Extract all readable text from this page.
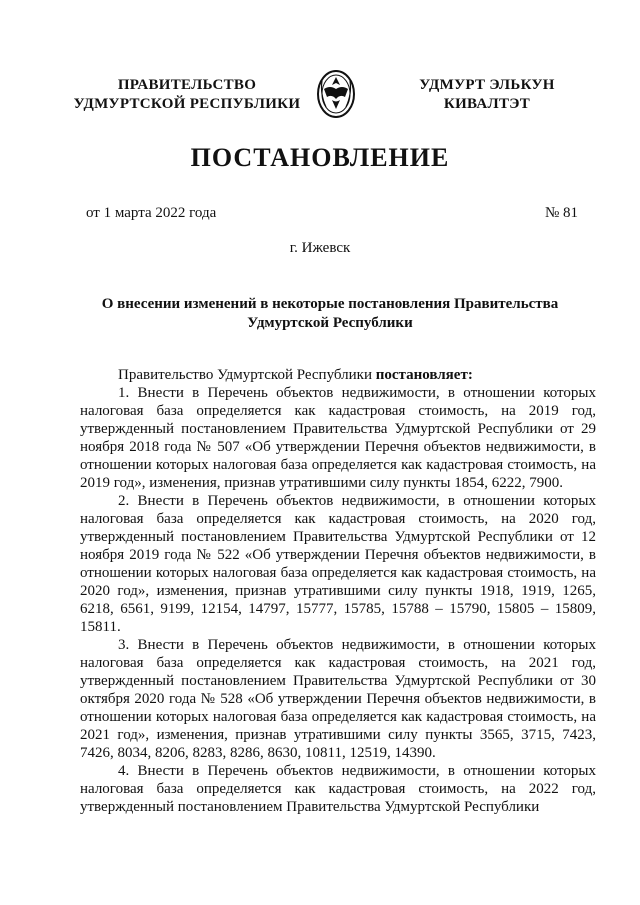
ПРАВИТЕЛЬСТВО
УДМУРТСКОЙ РЕСПУБЛИКИ
УДМУРТ ЭЛЬКУН
КИВАЛТЭТ
ПОСТАНОВЛЕНИЕ
от 1 марта 2022 года	№ 81
г. Ижевск
О внесении изменений в некоторые постановления Правительства Удмуртской Республики

Правительство Удмуртской Республики постановляет:

1. Внести в Перечень объектов недвижимости, в отношении которых налоговая база определяется как кадастровая стоимость, на 2019 год, утвержденный постановлением Правительства Удмуртской Республики от 29 ноября 2018 года № 507 «Об утверждении Перечня объектов недвижимости, в отношении которых налоговая база определяется как кадастровая стоимость, на 2019 год», изменения, признав утратившими силу пункты 1854, 6222, 7900.

2. Внести в Перечень объектов недвижимости, в отношении которых налоговая база определяется как кадастровая стоимость, на 2020 год, утвержденный постановлением Правительства Удмуртской Республики от 12 ноября 2019 года № 522 «Об утверждении Перечня объектов недвижимости, в отношении которых налоговая база определяется как кадастровая стоимость, на 2020 год», изменения, признав утратившими силу пункты 1918, 1919, 1265, 6218, 6561, 9199, 12154, 14797, 15777, 15785, 15788 – 15790, 15805 – 15809, 15811.

3. Внести в Перечень объектов недвижимости, в отношении которых налоговая база определяется как кадастровая стоимость, на 2021 год, утвержденный постановлением Правительства Удмуртской Республики от 30 октября 2020 года № 528 «Об утверждении Перечня объектов недвижимости, в отношении которых налоговая база определяется как кадастровая стоимость, на 2021 год», изменения, признав утратившими силу пункты 3565, 3715, 7423, 7426, 8034, 8206, 8283, 8286, 8630, 10811, 12519, 14390.

4. Внести в Перечень объектов недвижимости, в отношении которых налоговая база определяется как кадастровая стоимость, на 2022 год, утвержденный постановлением Правительства Удмуртской Республики
